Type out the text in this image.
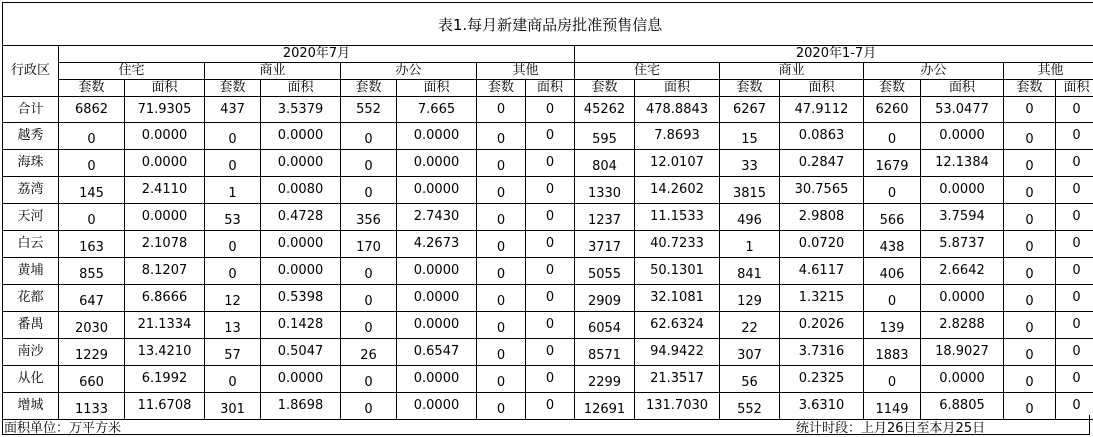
表1.每月新建商品房批准预售信息																
行政区	2020年7月								2020年1-7月							
	住宅		商业		办公		其他		住宅		商业		办公		其他	
	套数	面积	套数	面积	套数	面积	套数	面积	套数	面积	套数	面积	套数	面积	套数	面积
合计	6862	71.9305	437	3.5379	552	7.665	0	0	45262	478.8843	6267	47.9112	6260	53.0477	0	0
越秀	0	0.0000	0	0.0000	0	0.0000	0	0	595	7.8693	15	0.0863	0	0.0000	0	0
海珠	0	0.0000	0	0.0000	0	0.0000	0	0	804	12.0107	33	0.2847	1679	12.1384	0	0
荔湾	145	2.4110	1	0.0080	0	0.0000	0	0	1330	14.2602	3815	30.7565	0	0.0000	0	0
天河	0	0.0000	53	0.4728	356	2.7430	0	0	1237	11.1533	496	2.9808	566	3.7594	0	0
白云	163	2.1078	0	0.0000	170	4.2673	0	0	3717	40.7233	1	0.0720	438	5.8737	0	0
黄埔	855	8.1207	0	0.0000	0	0.0000	0	0	5055	50.1301	841	4.6117	406	2.6642	0	0
花都	647	6.8666	12	0.5398	0	0.0000	0	0	2909	32.1081	129	1.3215	0	0.0000	0	0
番禺	2030	21.1334	13	0.1428	0	0.0000	0	0	6054	62.6324	22	0.2026	139	2.8288	0	0
南沙	1229	13.4210	57	0.5047	26	0.6547	0	0	8571	94.9422	307	3.7316	1883	18.9027	0	0
从化	660	6.1992	0	0.0000	0	0.0000	0	0	2299	21.3517	56	0.2325	0	0.0000	0	0
增城	1133	11.6708	301	1.8698	0	0.0000	0	0	12691	131.7030	552	3.6310	1149	6.8805	0	0
面积单位：万平方米	统计时段：上月26日至本月25日
